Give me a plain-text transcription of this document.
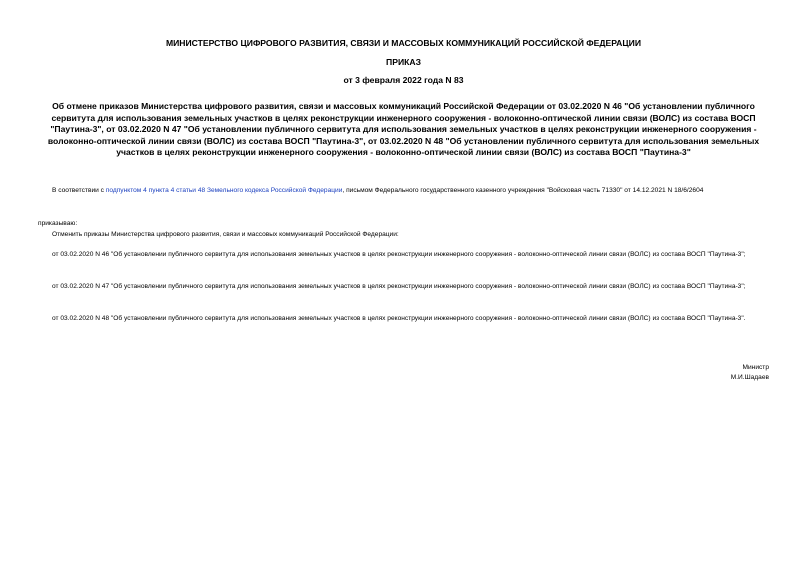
МИНИСТЕРСТВО ЦИФРОВОГО РАЗВИТИЯ, СВЯЗИ И МАССОВЫХ КОММУНИКАЦИЙ РОССИЙСКОЙ ФЕДЕРАЦИИ
ПРИКАЗ
от 3 февраля 2022 года N 83
Об отмене приказов Министерства цифрового развития, связи и массовых коммуникаций Российской Федерации от 03.02.2020 N 46 "Об установлении публичного сервитута для использования земельных участков в целях реконструкции инженерного сооружения - волоконно-оптической линии связи (ВОЛС) из состава ВОСП "Паутина-3", от 03.02.2020 N 47 "Об установлении публичного сервитута для использования земельных участков в целях реконструкции инженерного сооружения - волоконно-оптической линии связи (ВОЛС) из состава ВОСП "Паутина-3", от 03.02.2020 N 48 "Об установлении публичного сервитута для использования земельных участков в целях реконструкции инженерного сооружения - волоконно-оптической линии связи (ВОЛС) из состава ВОСП "Паутина-3"
В соответствии с подпунктом 4 пункта 4 статьи 48 Земельного кодекса Российской Федерации, письмом Федерального государственного казенного учреждения "Войсковая часть 71330" от 14.12.2021 N 18/6/2604
приказываю:
Отменить приказы Министерства цифрового развития, связи и массовых коммуникаций Российской Федерации:
от 03.02.2020 N 46 "Об установлении публичного сервитута для использования земельных участков в целях реконструкции инженерного сооружения - волоконно-оптической линии связи (ВОЛС) из состава ВОСП "Паутина-3";
от 03.02.2020 N 47 "Об установлении публичного сервитута для использования земельных участков в целях реконструкции инженерного сооружения - волоконно-оптической линии связи (ВОЛС) из состава ВОСП "Паутина-3";
от 03.02.2020 N 48 "Об установлении публичного сервитута для использования земельных участков в целях реконструкции инженерного сооружения - волоконно-оптической линии связи (ВОЛС) из состава ВОСП "Паутина-3".
Министр
М.И.Шадаев
